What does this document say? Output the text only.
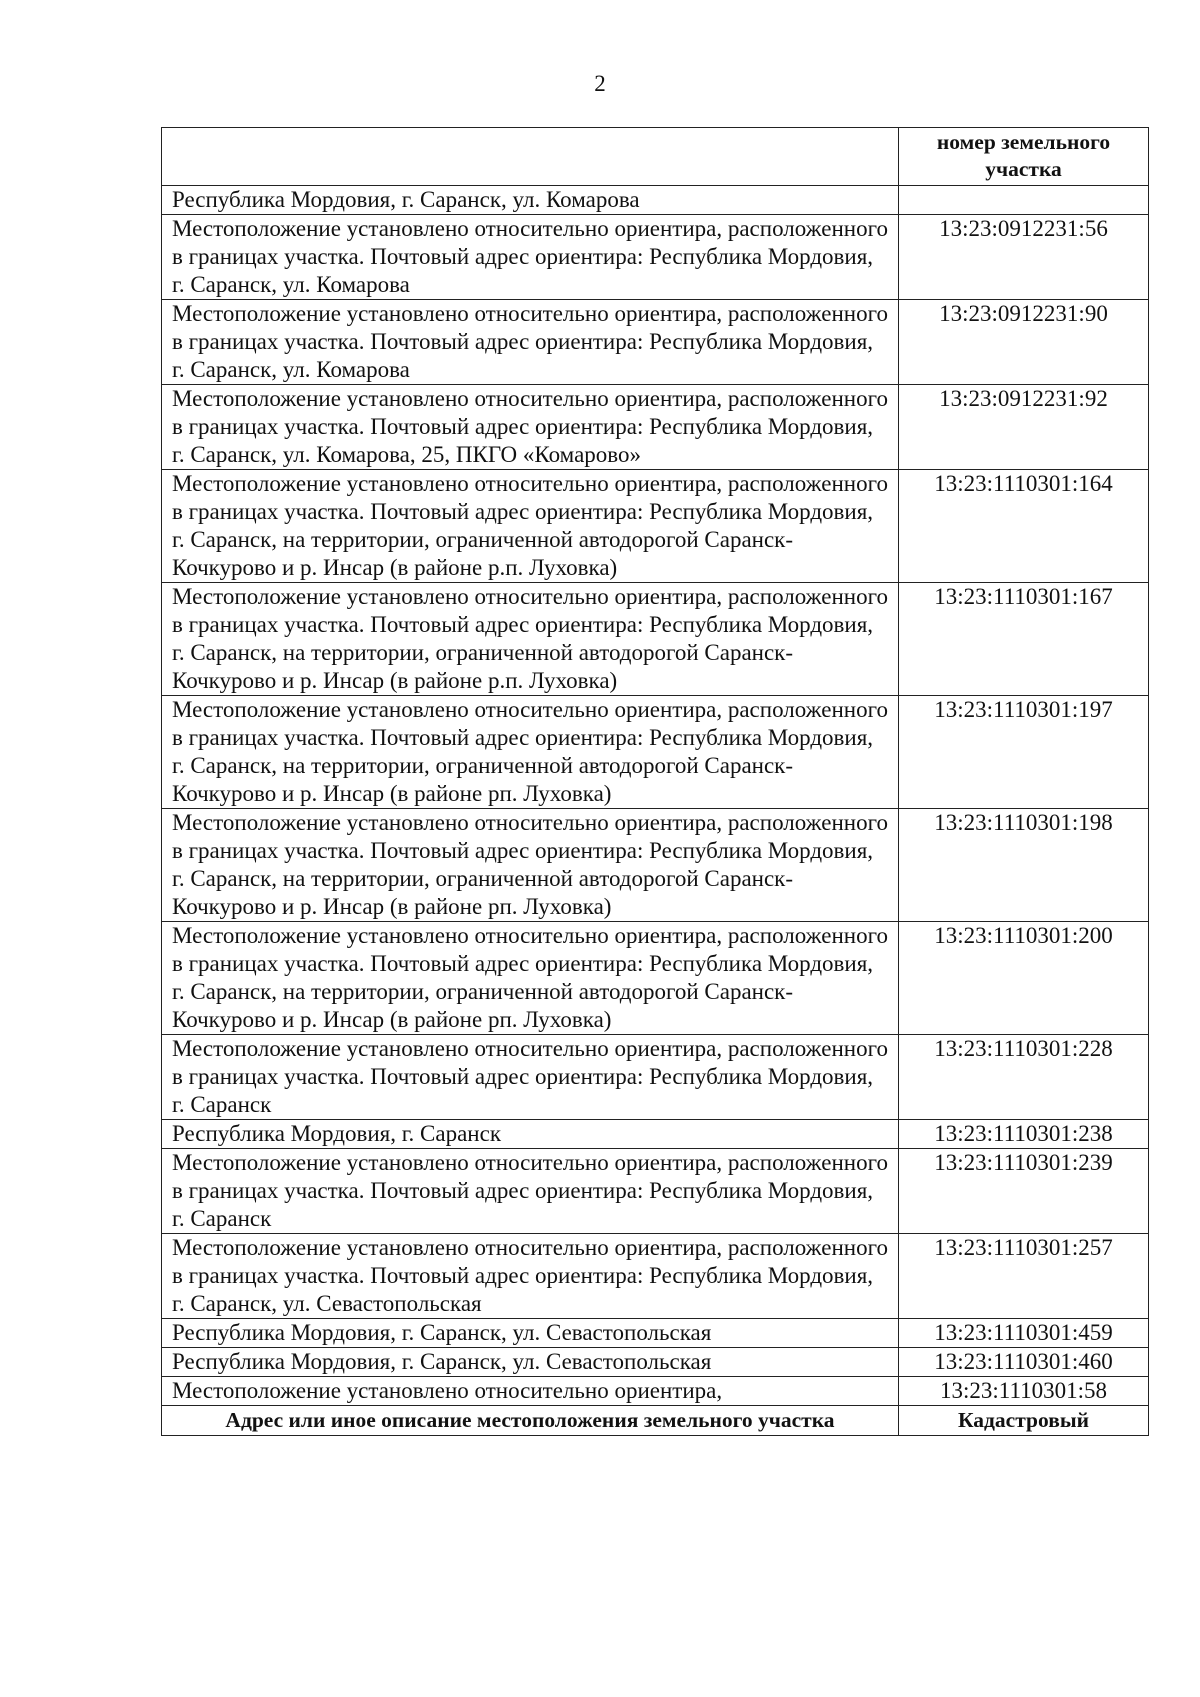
2
	номер земельного участка
Республика Мордовия, г. Саранск, ул. Комарова	
Местоположение установлено относительно ориентира, расположенного в границах участка. Почтовый адрес ориентира: Республика Мордовия, г. Саранск, ул. Комарова	13:23:0912231:56
Местоположение установлено относительно ориентира, расположенного в границах участка. Почтовый адрес ориентира: Республика Мордовия, г. Саранск, ул. Комарова	13:23:0912231:90
Местоположение установлено относительно ориентира, расположенного в границах участка. Почтовый адрес ориентира: Республика Мордовия, г. Саранск, ул. Комарова, 25, ПКГО «Комарово»	13:23:0912231:92
Местоположение установлено относительно ориентира, расположенного в границах участка. Почтовый адрес ориентира: Республика Мордовия, г. Саранск, на территории, ограниченной автодорогой Саранск-Кочкурово и р. Инсар (в районе р.п. Луховка)	13:23:1110301:164
Местоположение установлено относительно ориентира, расположенного в границах участка. Почтовый адрес ориентира: Республика Мордовия, г. Саранск, на территории, ограниченной автодорогой Саранск-Кочкурово и р. Инсар (в районе р.п. Луховка)	13:23:1110301:167
Местоположение установлено относительно ориентира, расположенного в границах участка. Почтовый адрес ориентира: Республика Мордовия, г. Саранск, на территории, ограниченной автодорогой Саранск-Кочкурово и р. Инсар (в районе рп. Луховка)	13:23:1110301:197
Местоположение установлено относительно ориентира, расположенного в границах участка. Почтовый адрес ориентира: Республика Мордовия, г. Саранск, на территории, ограниченной автодорогой Саранск-Кочкурово и р. Инсар (в районе рп. Луховка)	13:23:1110301:198
Местоположение установлено относительно ориентира, расположенного в границах участка. Почтовый адрес ориентира: Республика Мордовия, г. Саранск, на территории, ограниченной автодорогой Саранск-Кочкурово и р. Инсар (в районе рп. Луховка)	13:23:1110301:200
Местоположение установлено относительно ориентира, расположенного в границах участка. Почтовый адрес ориентира: Республика Мордовия, г. Саранск	13:23:1110301:228
Республика Мордовия, г. Саранск	13:23:1110301:238
Местоположение установлено относительно ориентира, расположенного в границах участка. Почтовый адрес ориентира: Республика Мордовия, г. Саранск	13:23:1110301:239
Местоположение установлено относительно ориентира, расположенного в границах участка. Почтовый адрес ориентира: Республика Мордовия, г. Саранск, ул. Севастопольская	13:23:1110301:257
Республика Мордовия, г. Саранск, ул. Севастопольская	13:23:1110301:459
Республика Мордовия, г. Саранск, ул. Севастопольская	13:23:1110301:460
Местоположение установлено относительно ориентира,	13:23:1110301:58
Адрес или иное описание местоположения земельного участка	Кадастровый
